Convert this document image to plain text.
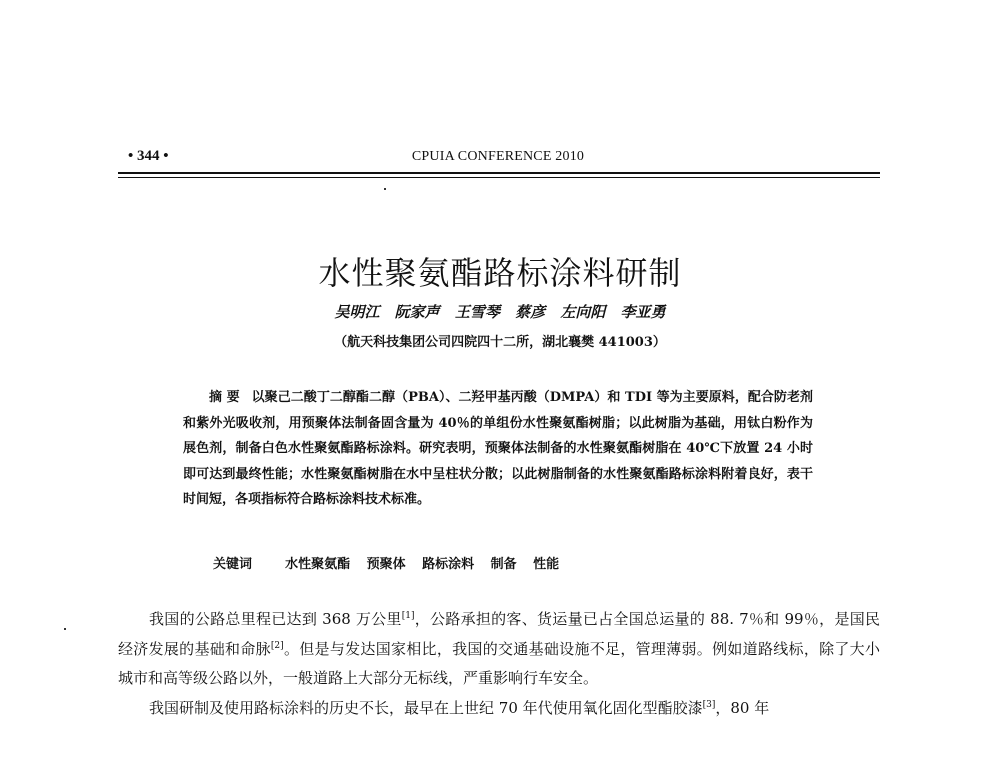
• 344 •	CPUIA CONFERENCE 2010
水性聚氨酯路标涂料研制
吴明江 阮家声 王雪琴 蔡彦 左向阳 李亚勇
（航天科技集团公司四院四十二所，湖北襄樊 441003）
摘 要 以聚己二酸丁二醇酯二醇（PBA）、二羟甲基丙酸（DMPA）和 TDI 等为主要原料，配合防老剂和紫外光吸收剂，用预聚体法制备固含量为 40％的单组份水性聚氨酯树脂；以此树脂为基础，用钛白粉作为展色剂，制备白色水性聚氨酯路标涂料。研究表明，预聚体法制备的水性聚氨酯树脂在 40℃下放置 24 小时即可达到最终性能；水性聚氨酯树脂在水中呈柱状分散；以此树脂制备的水性聚氨酯路标涂料附着良好，表干时间短，各项指标符合路标涂料技术标准。
关键词	水性聚氨酯 预聚体 路标涂料 制备 性能

我国的公路总里程已达到 368 万公里[1]，公路承担的客、货运量已占全国总运量的 88. 7％和 99％，是国民经济发展的基础和命脉[2]。但是与发达国家相比，我国的交通基础设施不足，管理薄弱。例如道路线标，除了大小城市和高等级公路以外，一般道路上大部分无标线，严重影响行车安全。

我国研制及使用路标涂料的历史不长，最早在上世纪 70 年代使用氧化固化型酯胶漆[3]，80 年
